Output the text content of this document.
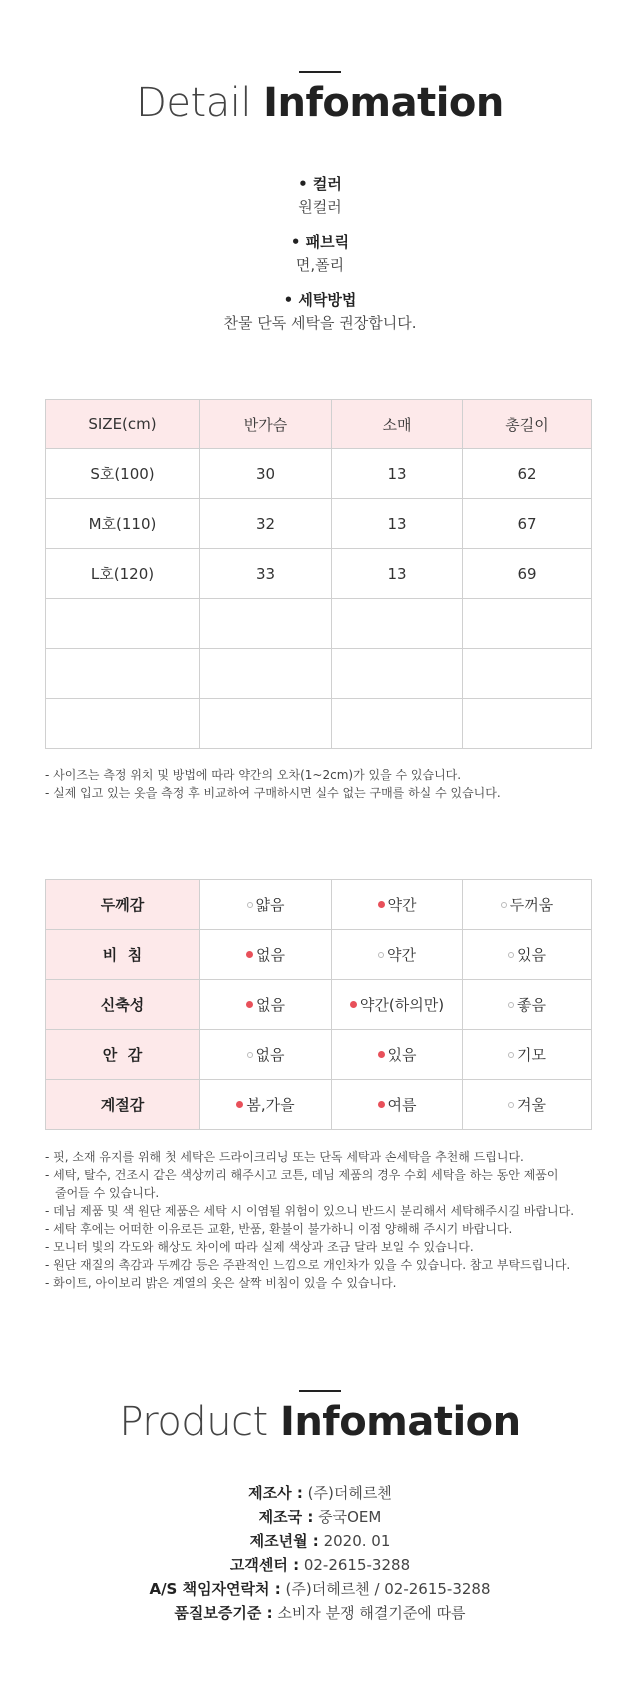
Detail Infomation
• 컬러
원컬러
• 패브릭
면,폴리
• 세탁방법
찬물 단독 세탁을 권장합니다.
SIZE(cm)	반가슴	소매	총길이
S호(100)	30	13	62
M호(110)	32	13	67
L호(120)	33	13	69

- 사이즈는 측정 위치 및 방법에 따라 약간의 오차(1~2cm)가 있을 수 있습니다.

- 실제 입고 있는 옷을 측정 후 비교하여 구매하시면 실수 없는 구매를 하실 수 있습니다.

두께감	얇음	약간	두꺼움
비  침	없음	약간	있음
신축성	없음	약간(하의만)	좋음
안  감	없음	있음	기모
계절감	봄,가을	여름	겨울

- 핏, 소재 유지를 위해 첫 세탁은 드라이크리닝 또는 단독 세탁과 손세탁을 추천해 드립니다.

- 세탁, 탈수, 건조시 같은 색상끼리 해주시고 코튼, 데님 제품의 경우 수회 세탁을 하는 동안 제품이

줄어들 수 있습니다.

- 데님 제품 및 색 원단 제품은 세탁 시 이염될 위험이 있으니 반드시 분리해서 세탁해주시길 바랍니다.

- 세탁 후에는 어떠한 이유로든 교환, 반품, 환불이 불가하니 이점 양해해 주시기 바랍니다.

- 모니터 빛의 각도와 해상도 차이에 따라 실제 색상과 조금 달라 보일 수 있습니다.

- 원단 재질의 촉감과 두께감 등은 주관적인 느낌으로 개인차가 있을 수 있습니다. 참고 부탁드립니다.

- 화이트, 아이보리 밝은 계열의 옷은 살짝 비침이 있을 수 있습니다.

Product Infomation
제조사 : (주)더헤르첸
제조국 : 중국OEM
제조년월 : 2020. 01
고객센터 : 02-2615-3288
A/S 책임자연락처 : (주)더헤르첸 / 02-2615-3288
품질보증기준 : 소비자 분쟁 해결기준에 따름
